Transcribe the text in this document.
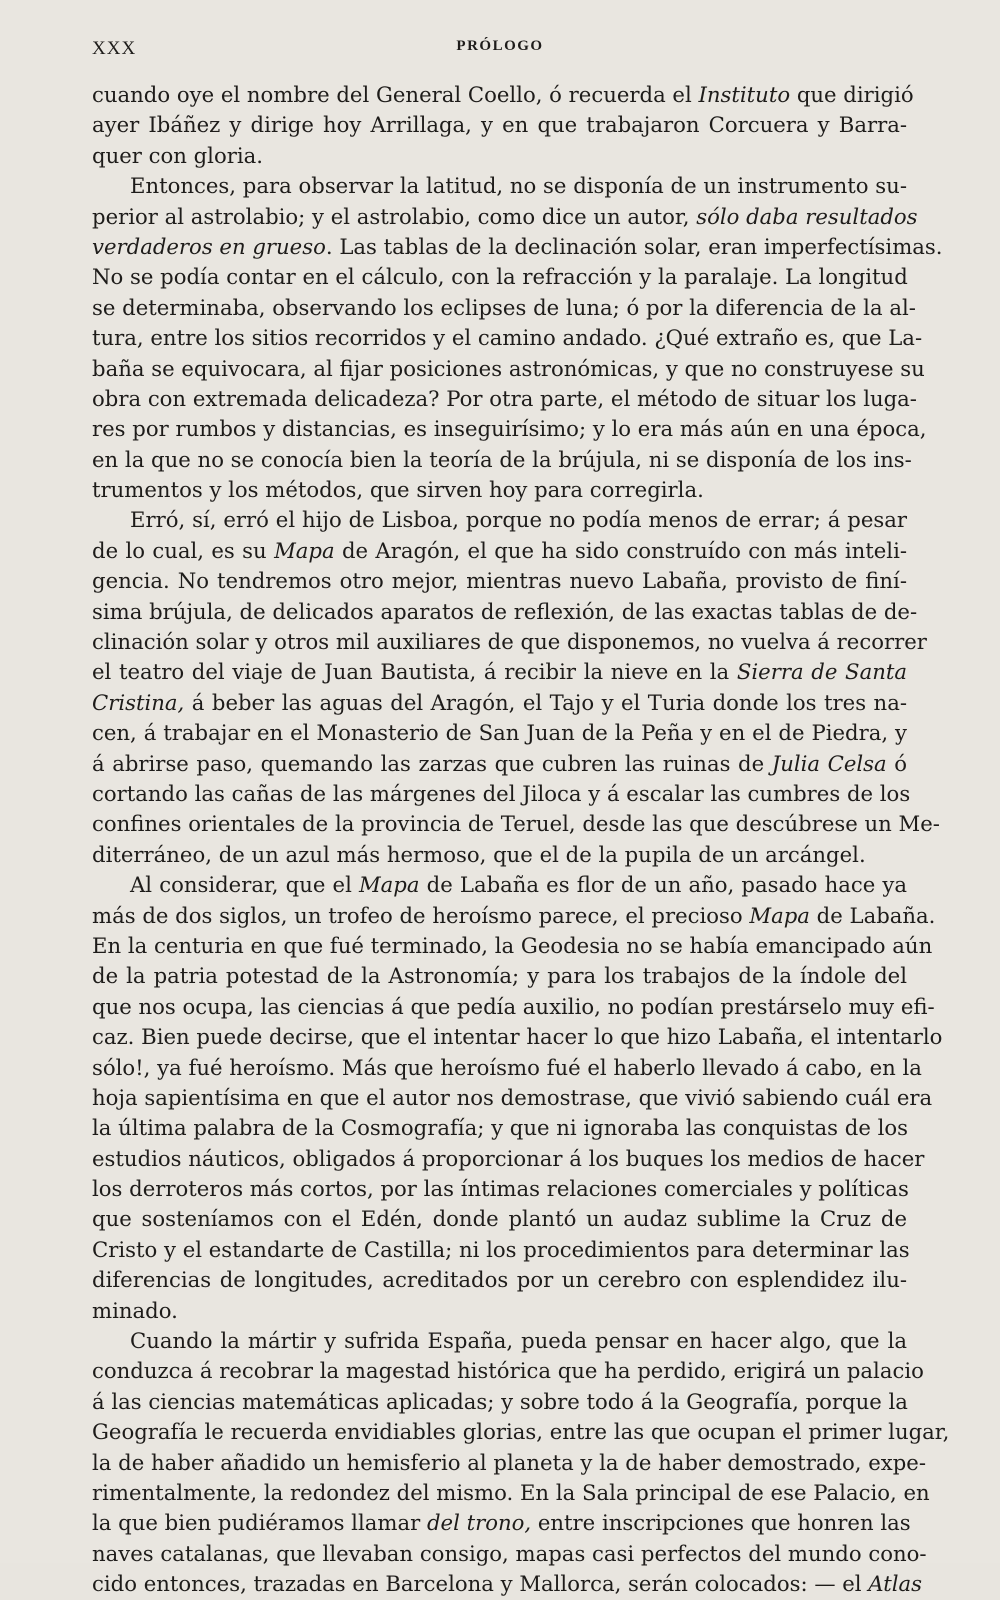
XXX	PRÓLOGO
cuando oye el nombre del General Coello, ó recuerda el Instituto que dirigió
ayer Ibáñez y dirige hoy Arrillaga, y en que trabajaron Corcuera y Barra-
quer con gloria.
Entonces, para observar la latitud, no se disponía de un instrumento su-
perior al astrolabio; y el astrolabio, como dice un autor, sólo daba resultados
verdaderos en grueso. Las tablas de la declinación solar, eran imperfectísimas.
No se podía contar en el cálculo, con la refracción y la paralaje. La longitud
se determinaba, observando los eclipses de luna; ó por la diferencia de la al-
tura, entre los sitios recorridos y el camino andado. ¿Qué extraño es, que La-
baña se equivocara, al fijar posiciones astronómicas, y que no construyese su
obra con extremada delicadeza? Por otra parte, el método de situar los luga-
res por rumbos y distancias, es inseguirísimo; y lo era más aún en una época,
en la que no se conocía bien la teoría de la brújula, ni se disponía de los ins-
trumentos y los métodos, que sirven hoy para corregirla.
Erró, sí, erró el hijo de Lisboa, porque no podía menos de errar; á pesar
de lo cual, es su Mapa de Aragón, el que ha sido construído con más inteli-
gencia. No tendremos otro mejor, mientras nuevo Labaña, provisto de finí-
sima brújula, de delicados aparatos de reflexión, de las exactas tablas de de-
clinación solar y otros mil auxiliares de que disponemos, no vuelva á recorrer
el teatro del viaje de Juan Bautista, á recibir la nieve en la Sierra de Santa
Cristina, á beber las aguas del Aragón, el Tajo y el Turia donde los tres na-
cen, á trabajar en el Monasterio de San Juan de la Peña y en el de Piedra, y
á abrirse paso, quemando las zarzas que cubren las ruinas de Julia Celsa ó
cortando las cañas de las márgenes del Jiloca y á escalar las cumbres de los
confines orientales de la provincia de Teruel, desde las que descúbrese un Me-
diterráneo, de un azul más hermoso, que el de la pupila de un arcángel.
Al considerar, que el Mapa de Labaña es flor de un año, pasado hace ya
más de dos siglos, un trofeo de heroísmo parece, el precioso Mapa de Labaña.
En la centuria en que fué terminado, la Geodesia no se había emancipado aún
de la patria potestad de la Astronomía; y para los trabajos de la índole del
que nos ocupa, las ciencias á que pedía auxilio, no podían prestárselo muy efi-
caz. Bien puede decirse, que el intentar hacer lo que hizo Labaña, el intentarlo
sólo!, ya fué heroísmo. Más que heroísmo fué el haberlo llevado á cabo, en la
hoja sapientísima en que el autor nos demostrase, que vivió sabiendo cuál era
la última palabra de la Cosmografía; y que ni ignoraba las conquistas de los
estudios náuticos, obligados á proporcionar á los buques los medios de hacer
los derroteros más cortos, por las íntimas relaciones comerciales y políticas
que sosteníamos con el Edén, donde plantó un audaz sublime la Cruz de
Cristo y el estandarte de Castilla; ni los procedimientos para determinar las
diferencias de longitudes, acreditados por un cerebro con esplendidez ilu-
minado.
Cuando la mártir y sufrida España, pueda pensar en hacer algo, que la
conduzca á recobrar la magestad histórica que ha perdido, erigirá un palacio
á las ciencias matemáticas aplicadas; y sobre todo á la Geografía, porque la
Geografía le recuerda envidiables glorias, entre las que ocupan el primer lugar,
la de haber añadido un hemisferio al planeta y la de haber demostrado, expe-
rimentalmente, la redondez del mismo. En la Sala principal de ese Palacio, en
la que bien pudiéramos llamar del trono, entre inscripciones que honren las
naves catalanas, que llevaban consigo, mapas casi perfectos del mundo cono-
cido entonces, trazadas en Barcelona y Mallorca, serán colocados: — el Atlas
